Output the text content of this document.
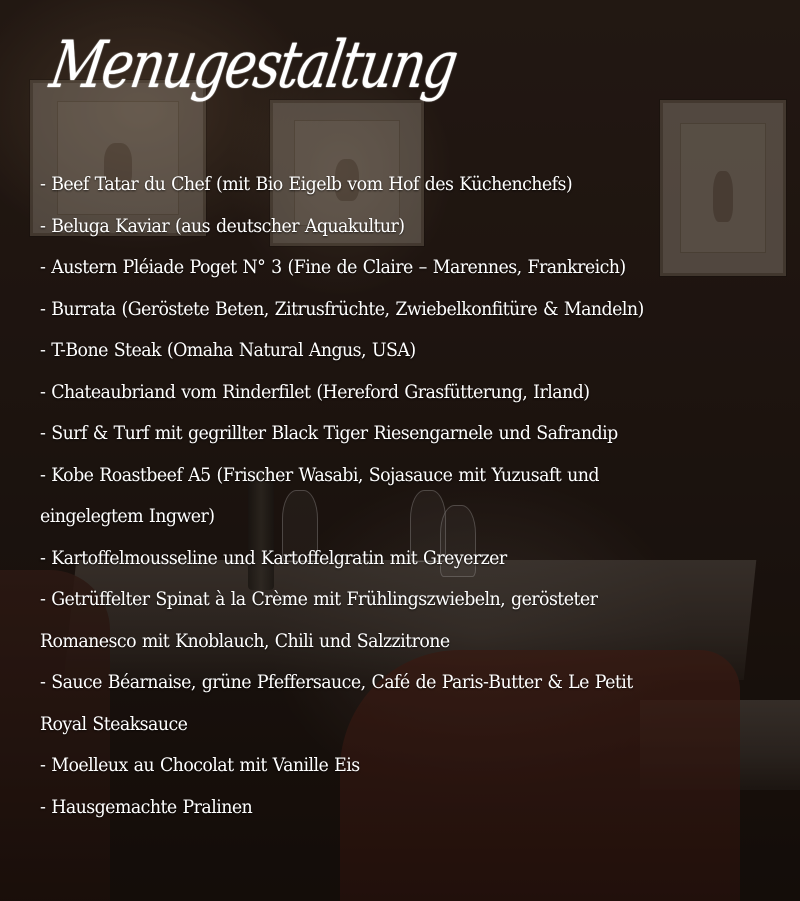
Menugestaltung
- Beef Tatar du Chef (mit Bio Eigelb vom Hof des Küchenchefs)
- Beluga Kaviar (aus deutscher Aquakultur)
- Austern Pléiade Poget N° 3 (Fine de Claire – Marennes, Frankreich)
- Burrata (Geröstete Beten, Zitrusfrüchte, Zwiebelkonfitüre & Mandeln)
- T-Bone Steak (Omaha Natural Angus, USA)
- Chateaubriand vom Rinderfilet (Hereford Grasfütterung, Irland)
- Surf & Turf mit gegrillter Black Tiger Riesengarnele und Safrandip
- Kobe Roastbeef A5 (Frischer Wasabi, Sojasauce mit Yuzusaft und
eingelegtem Ingwer)
- Kartoffelmousseline und Kartoffelgratin mit Greyerzer
- Getrüffelter Spinat à la Crème mit Frühlingszwiebeln, gerösteter
Romanesco mit Knoblauch, Chili und Salzzitrone
- Sauce Béarnaise, grüne Pfeffersauce, Café de Paris-Butter & Le Petit
Royal Steaksauce
- Moelleux au Chocolat mit Vanille Eis
- Hausgemachte Pralinen
